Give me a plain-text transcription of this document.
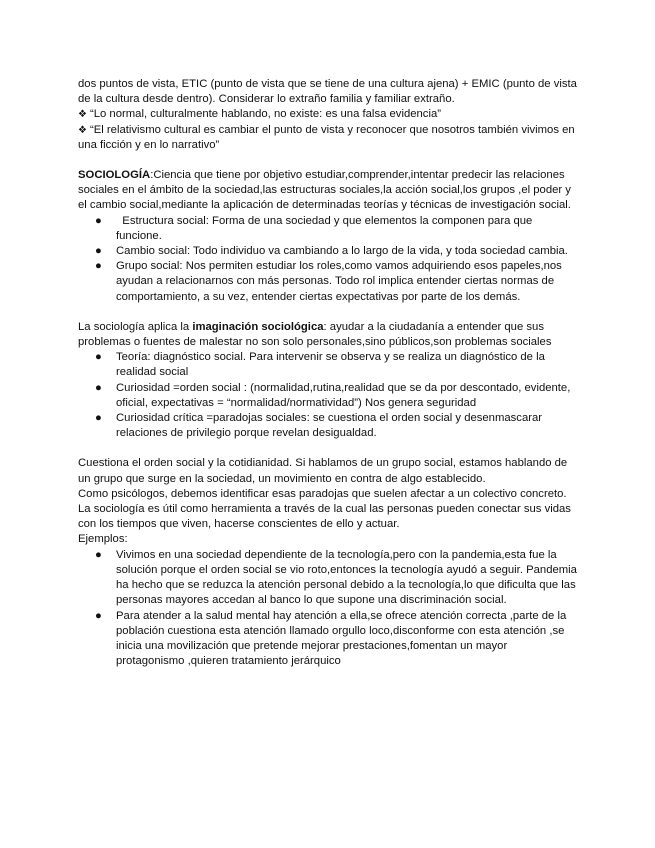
dos puntos de vista, ETIC (punto de vista que se tiene de una cultura ajena) + EMIC (punto de vista de la cultura desde dentro). Considerar lo extraño familia y familiar extraño.

❖ “Lo normal, culturalmente hablando, no existe: es una falsa evidencia”

❖ “El relativismo cultural es cambiar el punto de vista y reconocer que nosotros también vivimos en una ficción y en lo narrativo”

SOCIOLOGÍA:Ciencia que tiene por objetivo estudiar,comprender,intentar predecir las relaciones sociales en el ámbito de la sociedad,las estructuras sociales,la acción social,los grupos ,el poder y el cambio social,mediante la aplicación de determinadas teorías y técnicas de investigación social.

● Estructura social: Forma de una sociedad y que elementos la componen para que funcione.
● Cambio social: Todo individuo va cambiando a lo largo de la vida, y toda sociedad cambia.
● Grupo social: Nos permiten estudiar los roles,como vamos adquiriendo esos papeles,nos ayudan a relacionarnos con más personas. Todo rol implica entender ciertas normas de comportamiento, a su vez, entender ciertas expectativas por parte de los demás.

La sociología aplica la imaginación sociológica: ayudar a la ciudadanía a entender que sus problemas o fuentes de malestar no son solo personales,sino públicos,son problemas sociales

● Teoría: diagnóstico social. Para intervenir se observa y se realiza un diagnóstico de la realidad social
● Curiosidad =orden social : (normalidad,rutina,realidad que se da por descontado, evidente, oficial, expectativas = “normalidad/normatividad”) Nos genera seguridad
● Curiosidad crítica =paradojas sociales: se cuestiona el orden social y desenmascarar relaciones de privilegio porque revelan desigualdad.

Cuestiona el orden social y la cotidianidad. Si hablamos de un grupo social, estamos hablando de un grupo que surge en la sociedad, un movimiento en contra de algo establecido.

Como psicólogos, debemos identificar esas paradojas que suelen afectar a un colectivo concreto.

La sociología es útil como herramienta a través de la cual las personas pueden conectar sus vidas con los tiempos que viven, hacerse conscientes de ello y actuar.

Ejemplos:

● Vivimos en una sociedad dependiente de la tecnología,pero con la pandemia,esta fue la solución porque el orden social se vio roto,entonces la tecnología ayudó a seguir. Pandemia ha hecho que se reduzca la atención personal debido a la tecnología,lo que dificulta que las personas mayores accedan al banco lo que supone una discriminación social.
● Para atender a la salud mental hay atención a ella,se ofrece atención correcta ,parte de la población cuestiona esta atención llamado orgullo loco,disconforme con esta atención ,se inicia una movilización que pretende mejorar prestaciones,fomentan un mayor protagonismo ,quieren tratamiento jerárquico
